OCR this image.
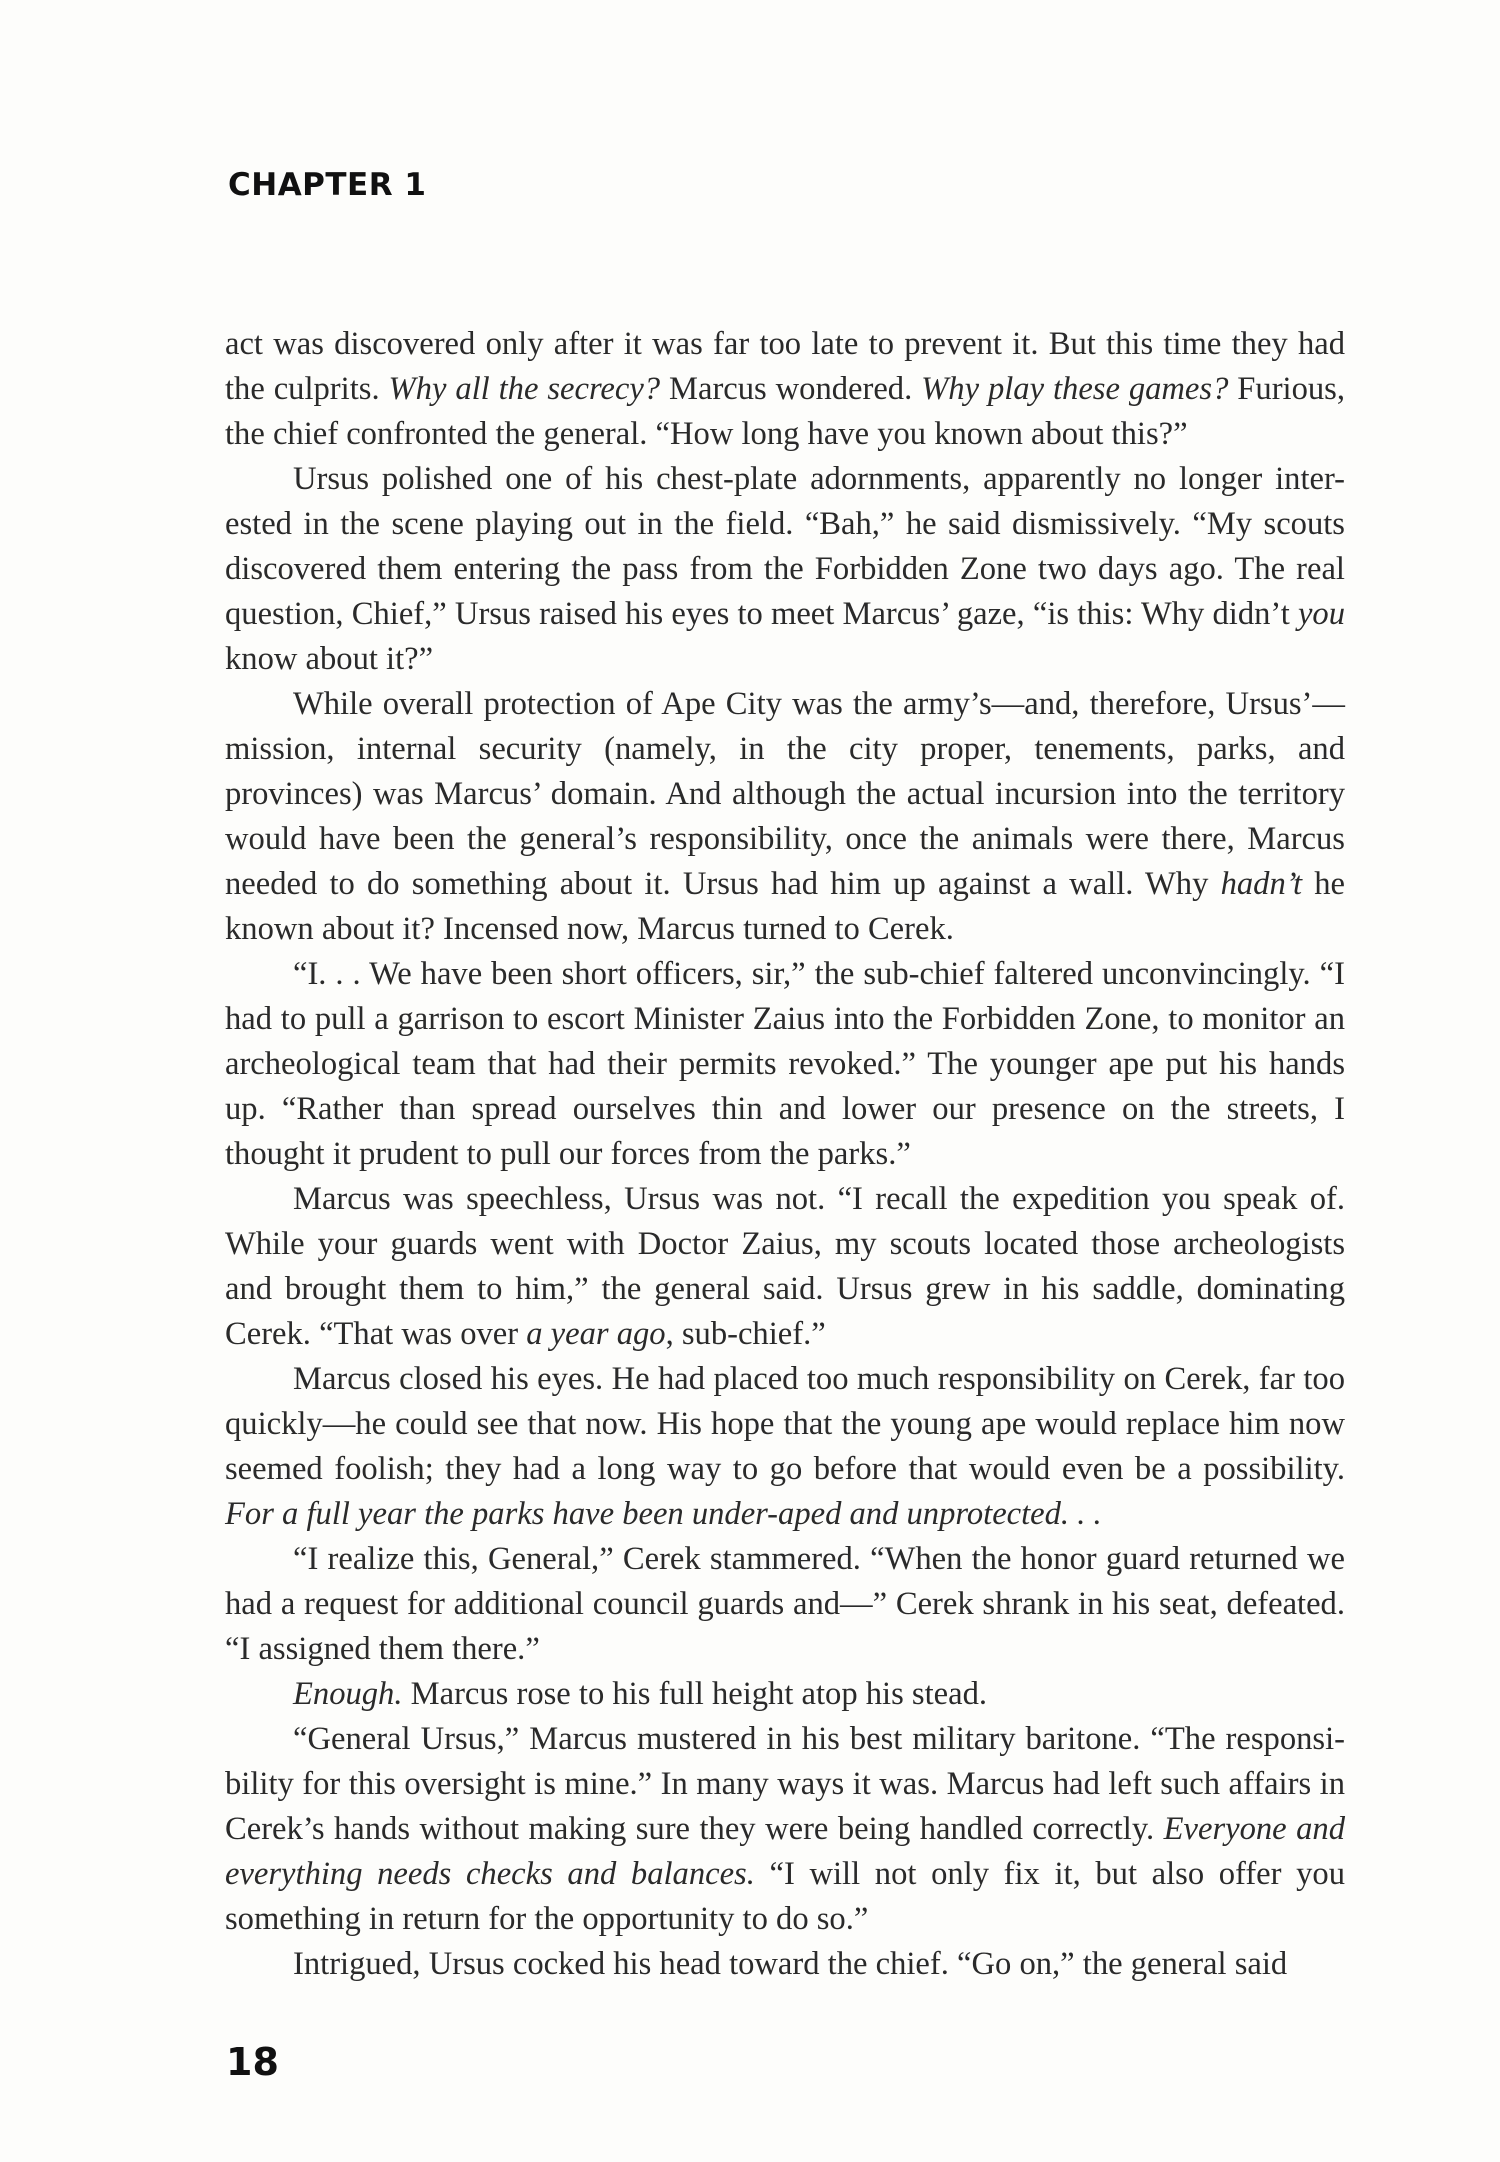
CHAPTER 1

act was discovered only after it was far too late to prevent it. But this time they had the culprits. Why all the secrecy? Marcus wondered. Why play these games? Furious, the chief confronted the general. “How long have you known about this?”

Ursus polished one of his chest-plate adornments, apparently no longer inter-ested in the scene playing out in the field. “Bah,” he said dismissively. “My scouts discovered them entering the pass from the Forbidden Zone two days ago. The real question, Chief,” Ursus raised his eyes to meet Marcus’ gaze, “is this: Why didn’t you know about it?”

While overall protection of Ape City was the army’s—and, therefore, Ursus’—mission, internal security (namely, in the city proper, tenements, parks, and provinces) was Marcus’ domain. And although the actual incursion into the territory would have been the general’s responsibility, once the animals were there, Marcus needed to do something about it. Ursus had him up against a wall. Why hadn’t he known about it? Incensed now, Marcus turned to Cerek.

“I. . . We have been short officers, sir,” the sub-chief faltered unconvincingly. “I had to pull a garrison to escort Minister Zaius into the Forbidden Zone, to monitor an archeological team that had their permits revoked.” The younger ape put his hands up. “Rather than spread ourselves thin and lower our presence on the streets, I thought it prudent to pull our forces from the parks.”

Marcus was speechless, Ursus was not. “I recall the expedition you speak of. While your guards went with Doctor Zaius, my scouts located those archeologists and brought them to him,” the general said. Ursus grew in his saddle, dominating Cerek. “That was over a year ago, sub-chief.”

Marcus closed his eyes. He had placed too much responsibility on Cerek, far too quickly—he could see that now. His hope that the young ape would replace him now seemed foolish; they had a long way to go before that would even be a possibility. For a full year the parks have been under-aped and unprotected. . .

“I realize this, General,” Cerek stammered. “When the honor guard returned we had a request for additional council guards and—” Cerek shrank in his seat, defeated. “I assigned them there.”

Enough. Marcus rose to his full height atop his stead.

“General Ursus,” Marcus mustered in his best military baritone. “The responsi-bility for this oversight is mine.” In many ways it was. Marcus had left such affairs in Cerek’s hands without making sure they were being handled correctly. Everyone and everything needs checks and balances. “I will not only fix it, but also offer you something in return for the opportunity to do so.”

Intrigued, Ursus cocked his head toward the chief. “Go on,” the general said

18
